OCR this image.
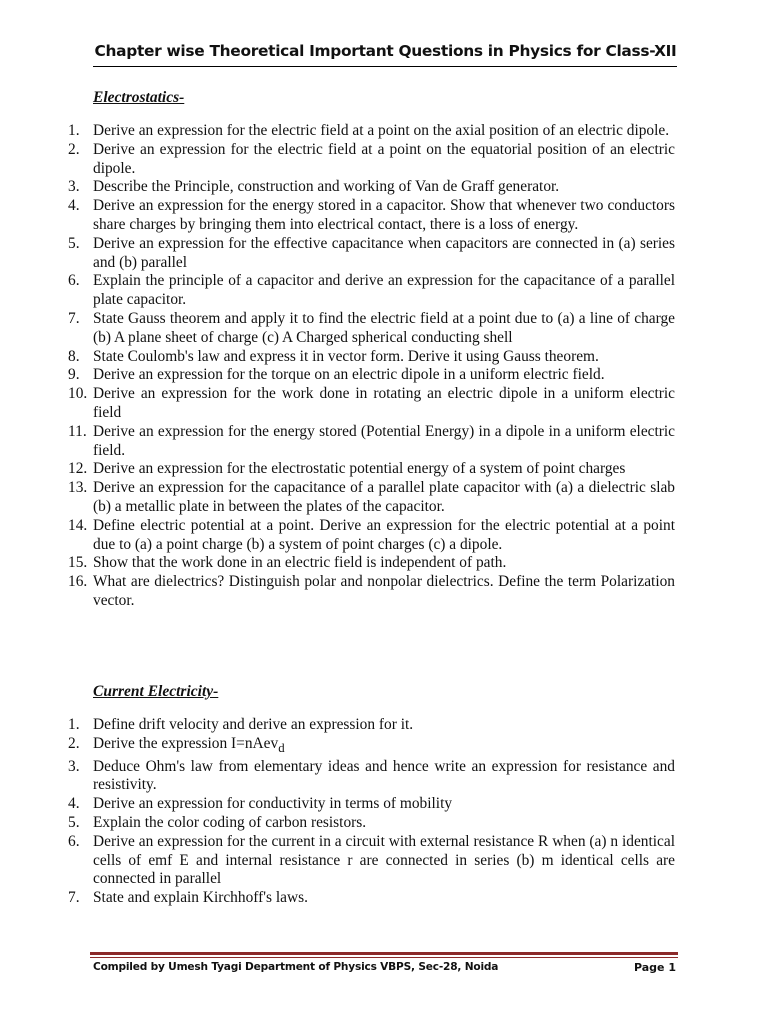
Chapter wise Theoretical Important Questions in Physics for Class-XII
Electrostatics-
1. Derive an expression for the electric field at a point on the axial position of an electric dipole.
2. Derive an expression for the electric field at a point on the equatorial position of an electric dipole.
3. Describe the Principle, construction and working of Van de Graff generator.
4. Derive an expression for the energy stored in a capacitor. Show that whenever two conductors share charges by bringing them into electrical contact, there is a loss of energy.
5. Derive an expression for the effective capacitance when capacitors are connected in (a) series and (b) parallel
6. Explain the principle of a capacitor and derive an expression for the capacitance of a parallel plate capacitor.
7. State Gauss theorem and apply it to find the electric field at a point due to (a) a line of charge (b) A plane sheet of charge (c) A Charged spherical conducting shell
8. State Coulomb's law and express it in vector form. Derive it using Gauss theorem.
9. Derive an expression for the torque on an electric dipole in a uniform electric field.
10. Derive an expression for the work done in rotating an electric dipole in a uniform electric field
11. Derive an expression for the energy stored (Potential Energy) in a dipole in a uniform electric field.
12. Derive an expression for the electrostatic potential energy of a system of point charges
13. Derive an expression for the capacitance of a parallel plate capacitor with (a) a dielectric slab (b) a metallic plate in between the plates of the capacitor.
14. Define electric potential at a point. Derive an expression for the electric potential at a point due to (a) a point charge (b) a system of point charges (c) a dipole.
15. Show that the work done in an electric field is independent of path.
16. What are dielectrics? Distinguish polar and nonpolar dielectrics. Define the term Polarization vector.
Current Electricity-
1. Define drift velocity and derive an expression for it.
2. Derive the expression I=nAev$_d$
3. Deduce Ohm's law from elementary ideas and hence write an expression for resistance and resistivity.
4. Derive an expression for conductivity in terms of mobility
5. Explain the color coding of carbon resistors.
6. Derive an expression for the current in a circuit with external resistance R when (a) n identical cells of emf E and internal resistance r are connected in series (b) m identical cells are connected in parallel
7. State and explain Kirchhoff's laws.
Compiled by Umesh Tyagi Department of Physics VBPS, Sec-28, Noida	Page 1
